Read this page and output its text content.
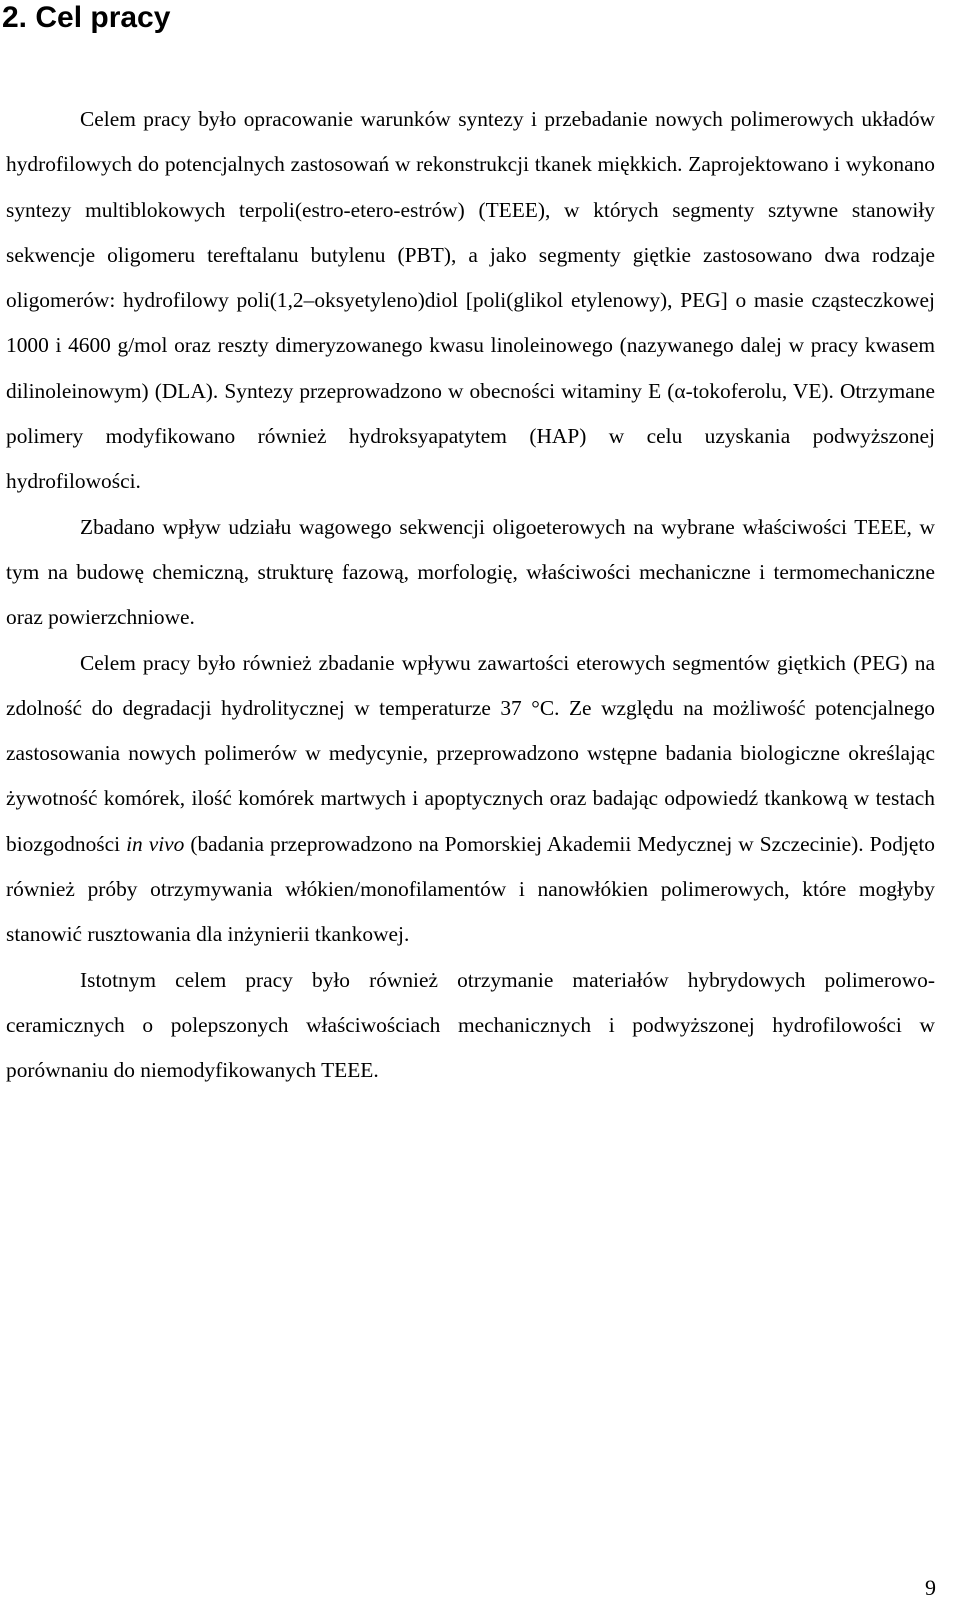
2. Cel pracy

Celem pracy było opracowanie warunków syntezy i przebadanie nowych polimerowych układów hydrofilowych do potencjalnych zastosowań w rekonstrukcji tkanek miękkich. Zaprojektowano i wykonano syntezy multiblokowych terpoli(estro-etero-estrów) (TEEE), w których segmenty sztywne stanowiły sekwencje oligomeru tereftalanu butylenu (PBT), a jako segmenty giętkie zastosowano dwa rodzaje oligomerów: hydrofilowy poli(1,2–oksyetyleno)diol [poli(glikol etylenowy), PEG] o masie cząsteczkowej 1000 i 4600 g/mol oraz reszty dimeryzowanego kwasu linoleinowego (nazywanego dalej w pracy kwasem dilinoleinowym) (DLA). Syntezy przeprowadzono w obecności witaminy E (α-tokoferolu, VE). Otrzymane polimery modyfikowano również hydroksyapatytem (HAP) w celu uzyskania podwyższonej hydrofilowości.

Zbadano wpływ udziału wagowego sekwencji oligoeterowych na wybrane właściwości TEEE, w tym na budowę chemiczną, strukturę fazową, morfologię, właściwości mechaniczne i termomechaniczne oraz powierzchniowe.

Celem pracy było również zbadanie wpływu zawartości eterowych segmentów giętkich (PEG) na zdolność do degradacji hydrolitycznej w temperaturze 37 °C. Ze względu na możliwość potencjalnego zastosowania nowych polimerów w medycynie, przeprowadzono wstępne badania biologiczne określając żywotność komórek, ilość komórek martwych i apoptycznych oraz badając odpowiedź tkankową w testach biozgodności in vivo (badania przeprowadzono na Pomorskiej Akademii Medycznej w Szczecinie). Podjęto również próby otrzymywania włókien/monofilamentów i nanowłókien polimerowych, które mogłyby stanowić rusztowania dla inżynierii tkankowej.

Istotnym celem pracy było również otrzymanie materiałów hybrydowych polimerowo-ceramicznych o polepszonych właściwościach mechanicznych i podwyższonej hydrofilowości w porównaniu do niemodyfikowanych TEEE.

9
